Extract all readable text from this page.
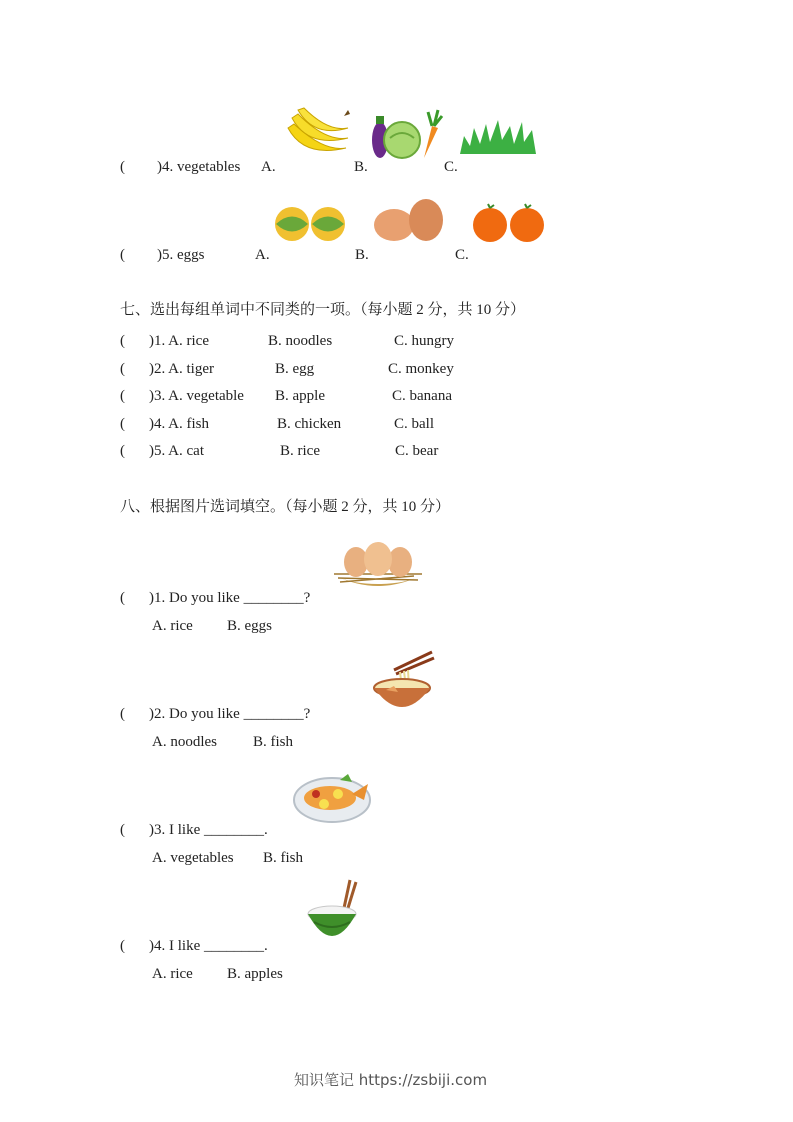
( )4. vegetables A.	B.	C.
( )5. eggs	A.	B.	C.
七、选出每组单词中不同类的一项。（每小题 2 分，共 10 分）
( )1. A. rice	B. noodles	C. hungry
( )2. A. tiger	B. egg	C. monkey
( )3. A. vegetable B. apple	C. banana
( )4. A. fish	B. chicken	C. ball
( )5. A. cat	B. rice	C. bear
八、根据图片选词填空。（每小题 2 分，共 10 分）
( )1. Do you like ________?
A. rice B. eggs
( )2. Do you like ________?
A. noodles B. fish
( )3. I like ________.
A. vegetables B. fish
( )4. I like ________.
A. rice B. apples
知识笔记 https://zsbiji.com
